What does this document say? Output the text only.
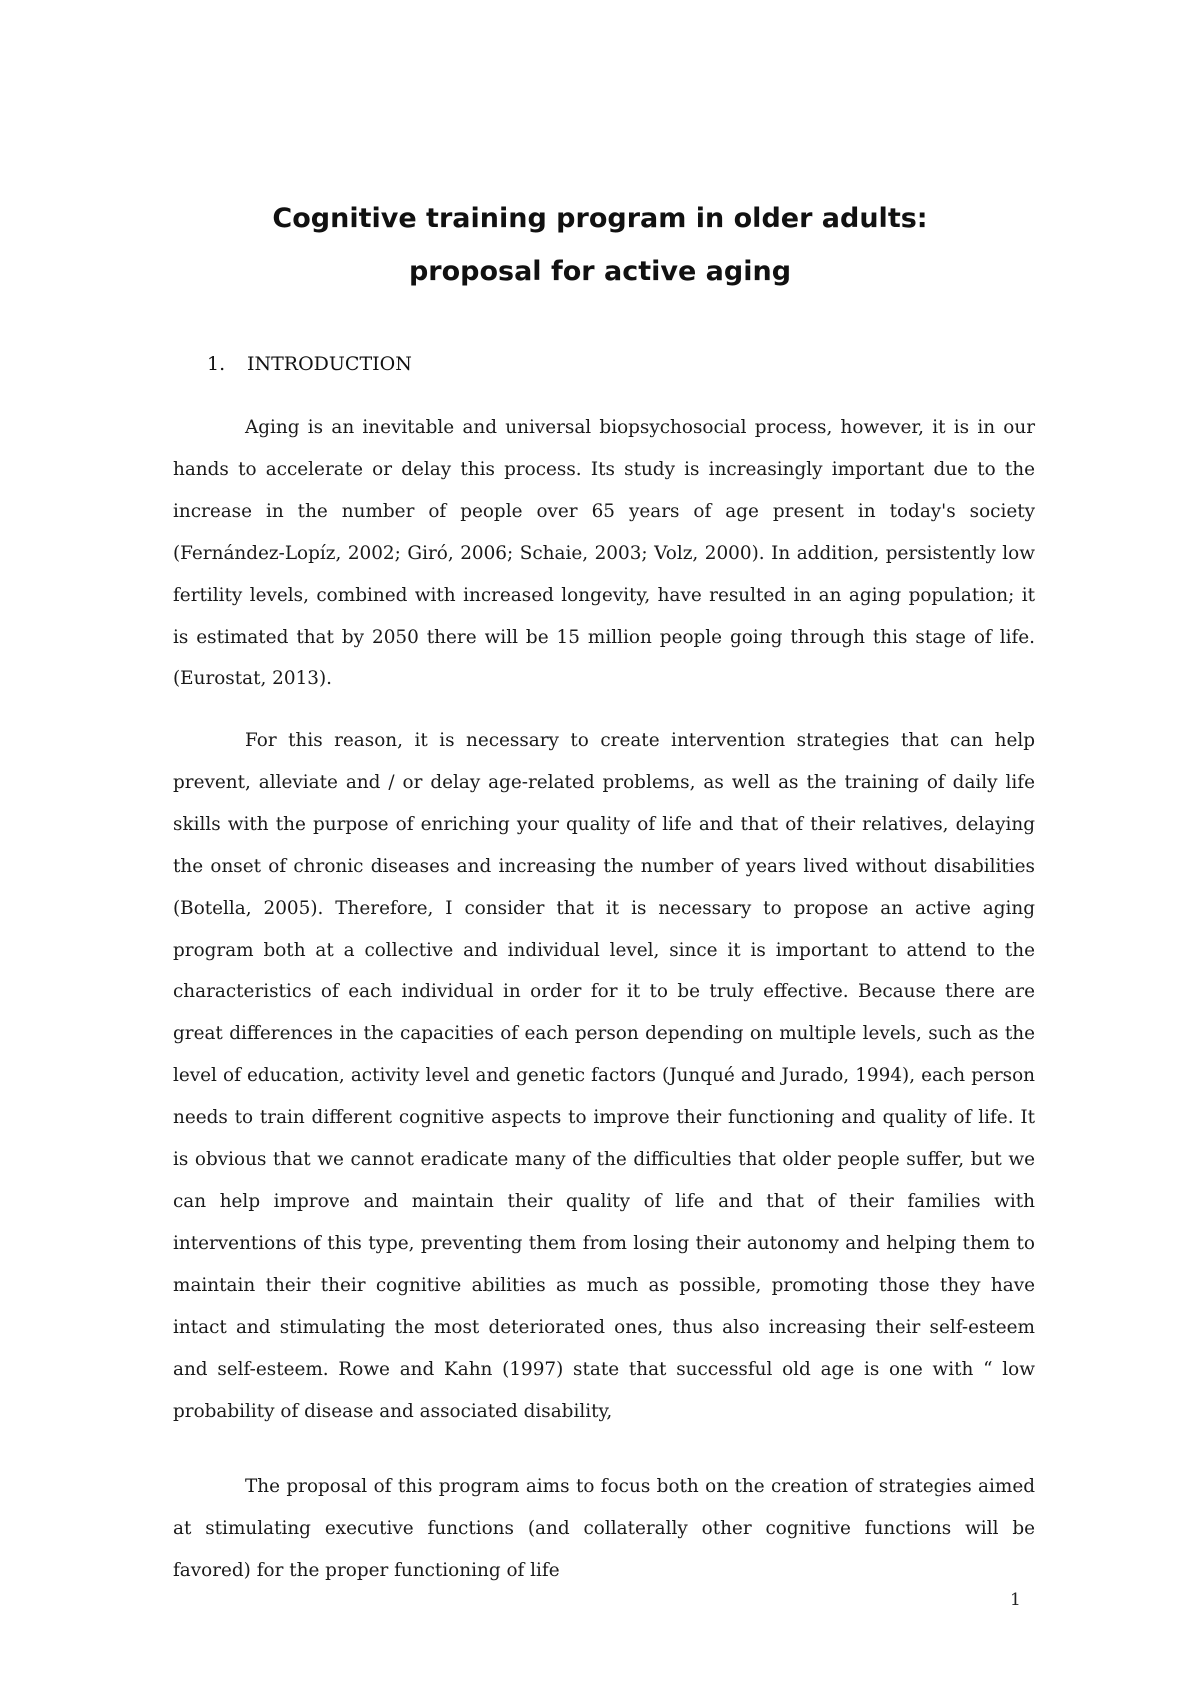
Cognitive training program in older adults:
proposal for active aging
1. INTRODUCTION

Aging is an inevitable and universal biopsychosocial process, however, it is in our hands to accelerate or delay this process. Its study is increasingly important due to the increase in the number of people over 65 years of age present in today's society (Fernández-Lopíz, 2002; Giró, 2006; Schaie, 2003; Volz, 2000). In addition, persistently low fertility levels, combined with increased longevity, have resulted in an aging population; it is estimated that by 2050 there will be 15 million people going through this stage of life. (Eurostat, 2013).

For this reason, it is necessary to create intervention strategies that can help prevent, alleviate and / or delay age-related problems, as well as the training of daily life skills with the purpose of enriching your quality of life and that of their relatives, delaying the onset of chronic diseases and increasing the number of years lived without disabilities (Botella, 2005). Therefore, I consider that it is necessary to propose an active aging program both at a collective and individual level, since it is important to attend to the characteristics of each individual in order for it to be truly effective. Because there are great differences in the capacities of each person depending on multiple levels, such as the level of education, activity level and genetic factors (Junqué and Jurado, 1994), each person needs to train different cognitive aspects to improve their functioning and quality of life. It is obvious that we cannot eradicate many of the difficulties that older people suffer, but we can help improve and maintain their quality of life and that of their families with interventions of this type, preventing them from losing their autonomy and helping them to maintain their their cognitive abilities as much as possible, promoting those they have intact and stimulating the most deteriorated ones, thus also increasing their self-esteem and self-esteem. Rowe and Kahn (1997) state that successful old age is one with “ low probability of disease and associated disability,

The proposal of this program aims to focus both on the creation of strategies aimed at stimulating executive functions (and collaterally other cognitive functions will be favored) for the proper functioning of life

1
